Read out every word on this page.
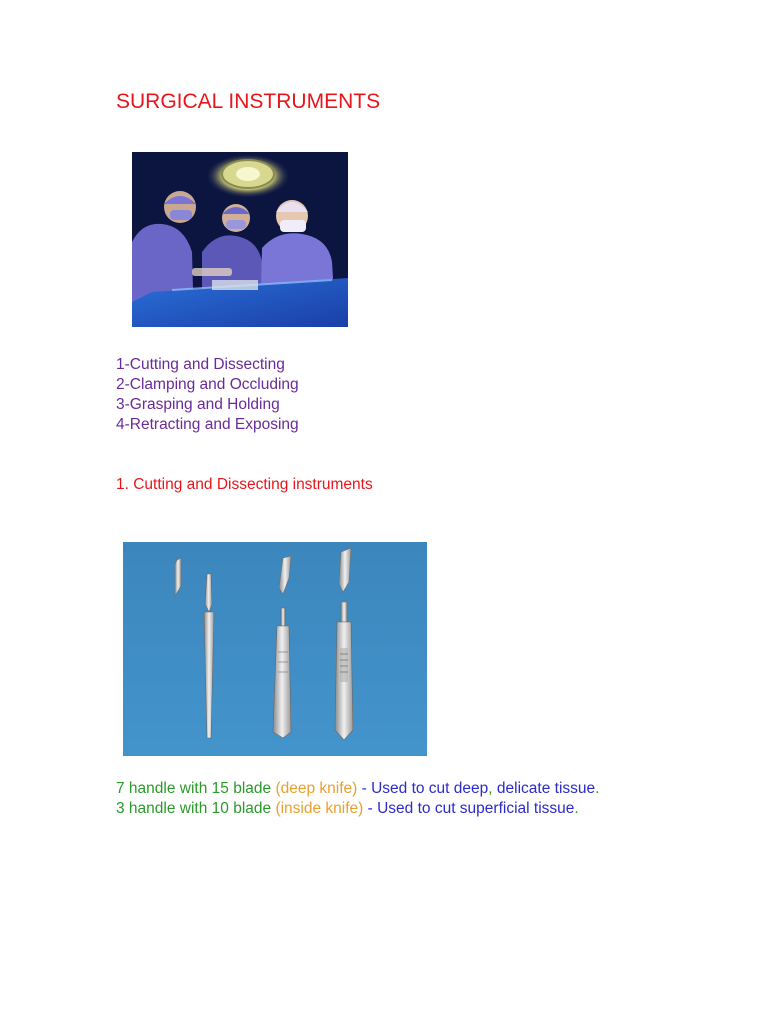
SURGICAL INSTRUMENTS
1-Cutting and Dissecting
2-Clamping and Occluding
3-Grasping and Holding
4-Retracting and Exposing
1. Cutting and Dissecting instruments

7 handle with 15 blade (deep knife) - Used to cut deep, delicate tissue.

3 handle with 10 blade (inside knife) - Used to cut superficial tissue.
